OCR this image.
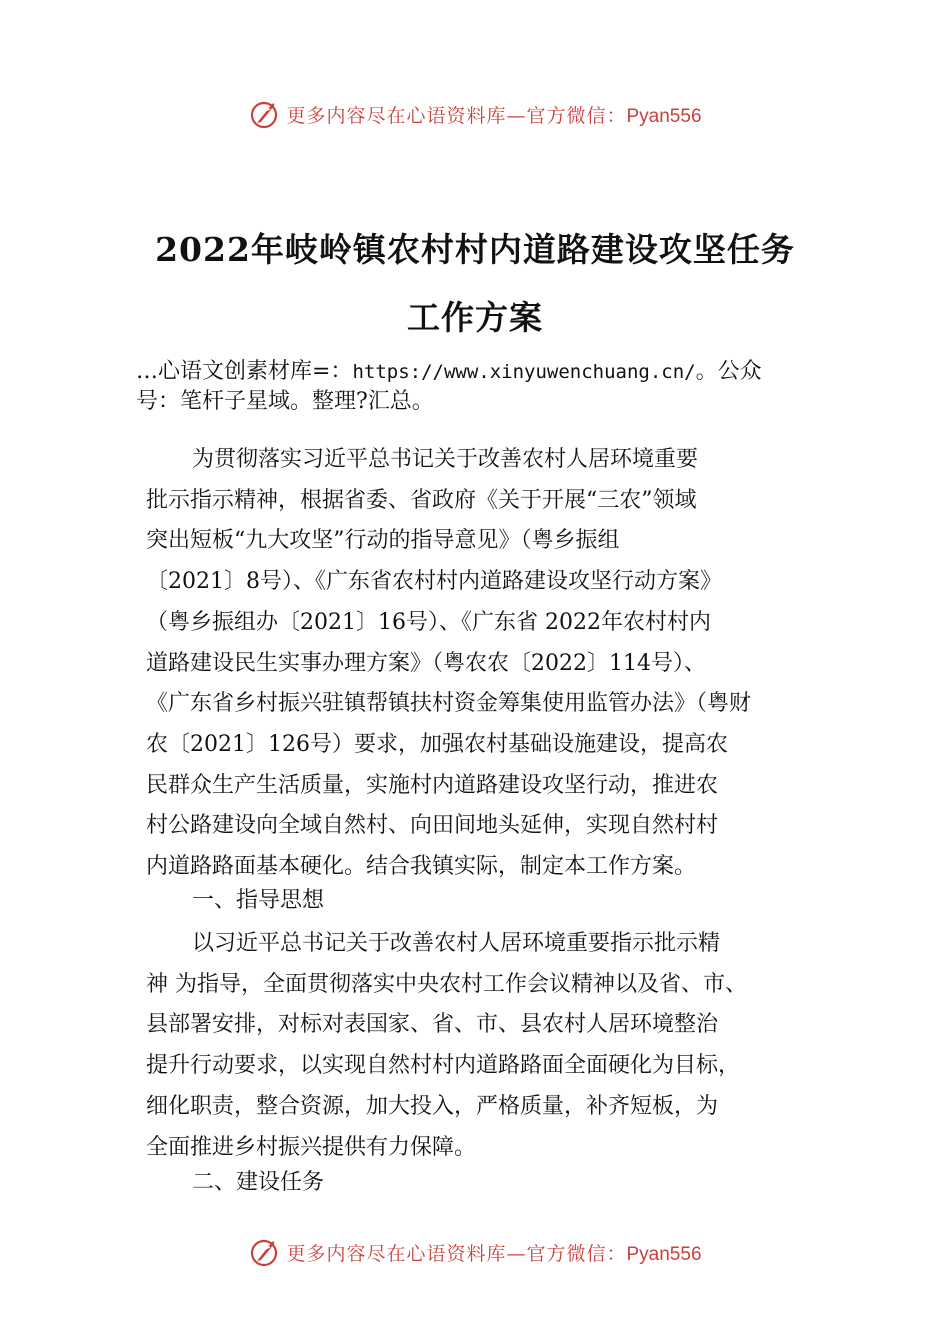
更多内容尽在心语资料库—官方微信：Pyan556
2022年岐岭镇农村村内道路建设攻坚任务
工作方案
…心语文创素材库=：https://www.xinyuwenchuang.cn/。公众
号：笔杆子星域。整理?汇总。
为贯彻落实习近平总书记关于改善农村人居环境重要
批示指示精神，根据省委、省政府《关于开展“三农”领域
突出短板“九大攻坚”行动的指导意见》（粤乡振组
〔2021〕8号）、《广东省农村村内道路建设攻坚行动方案》
（粤乡振组办〔2021〕16号）、《广东省 2022年农村村内
道路建设民生实事办理方案》（粤农农〔2022〕114号）、
《广东省乡村振兴驻镇帮镇扶村资金筹集使用监管办法》（粤财
农〔2021〕126号）要求，加强农村基础设施建设，提高农
民群众生产生活质量，实施村内道路建设攻坚行动，推进农
村公路建设向全域自然村、向田间地头延伸，实现自然村村
内道路路面基本硬化。结合我镇实际，制定本工作方案。
一、指导思想
以习近平总书记关于改善农村人居环境重要指示批示精
神 为指导，全面贯彻落实中央农村工作会议精神以及省、市、
县部署安排，对标对表国家、省、市、县农村人居环境整治
提升行动要求，以实现自然村村内道路路面全面硬化为目标，
细化职责，整合资源，加大投入，严格质量，补齐短板，为
全面推进乡村振兴提供有力保障。
二、建设任务
更多内容尽在心语资料库—官方微信：Pyan556
